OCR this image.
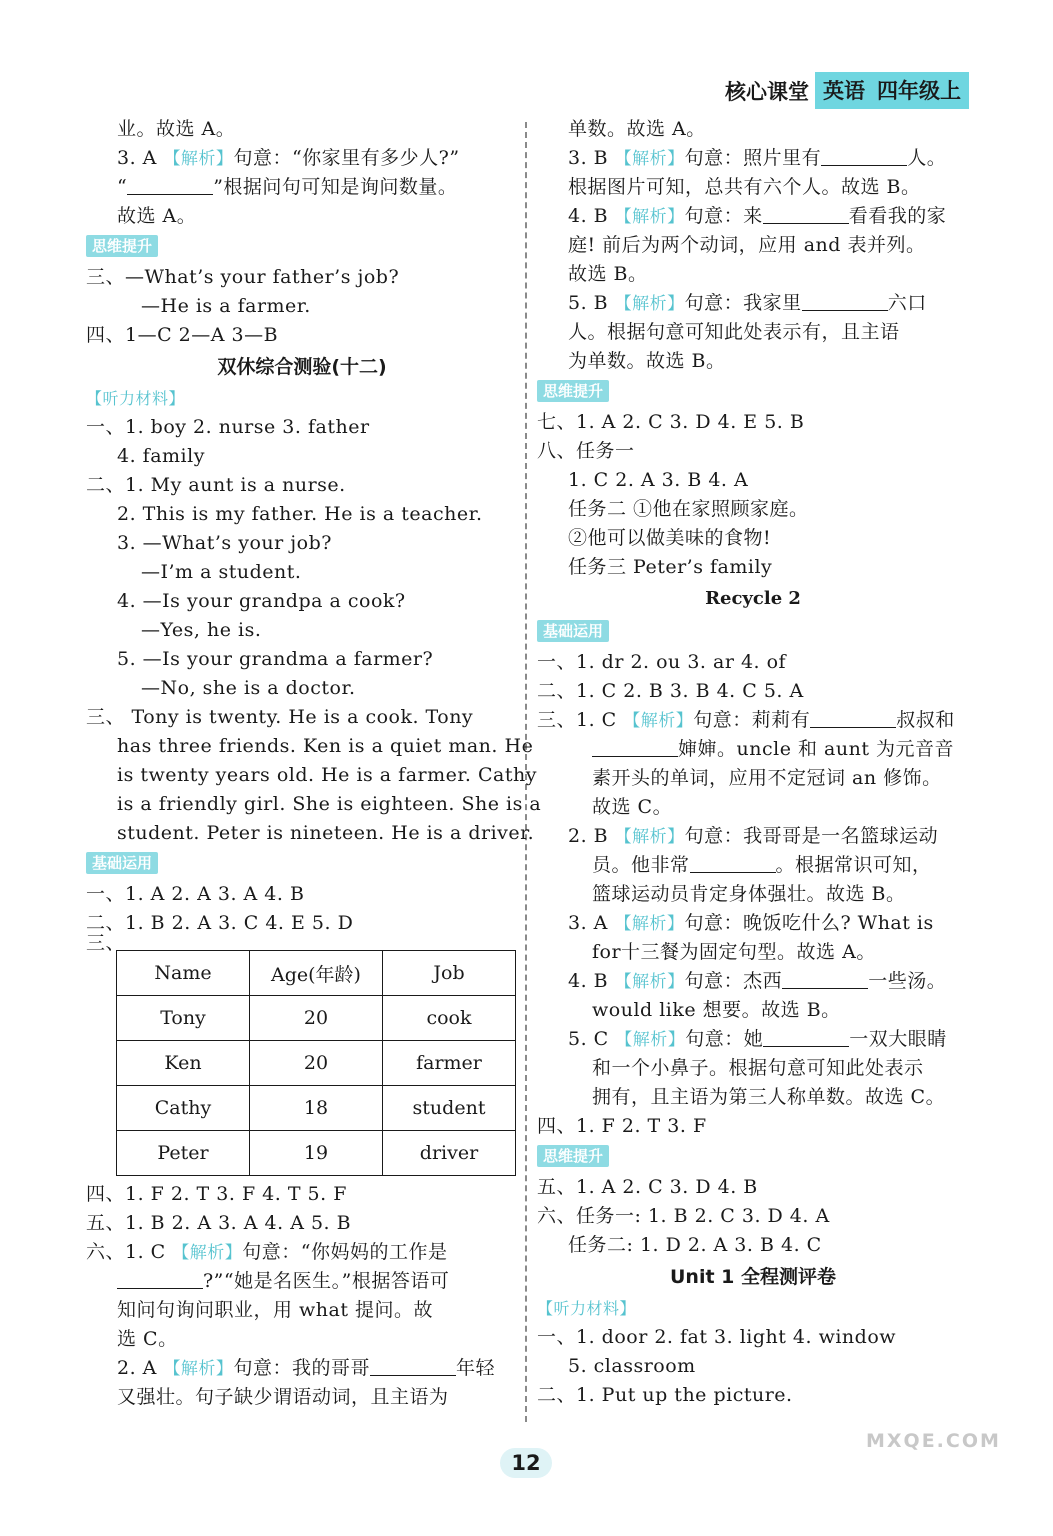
核心课堂 英语 四年级上
业。故选 A。
3. A 【解析】句意：“你家里有多少人?”
“	”根据问句可知是询问数量。
故选 A。
思维提升
三、—What’s your father’s job?
—He is a farmer.
四、1—C 2—A 3—B
双休综合测验(十二)
【听力材料】
一、1. boy 2. nurse 3. father
4. family
二、1. My aunt is a nurse.
2. This is my father. He is a teacher.
3. —What’s your job?
—I’m a student.
4. —Is your grandpa a cook?
—Yes, he is.
5. —Is your grandma a farmer?
—No, she is a doctor.
三、 Tony is twenty. He is a cook. Tony
has three friends. Ken is a quiet man. He
is twenty years old. He is a farmer. Cathy
is a friendly girl. She is eighteen. She is a
student. Peter is nineteen. He is a driver.
基础运用
一、1. A 2. A 3. A 4. B
二、1. B 2. A 3. C 4. E 5. D
三、
Name	Age(年龄)	Job
Tony	20	cook
Ken	20	farmer
Cathy	18	student
Peter	19	driver
四、1. F 2. T 3. F 4. T 5. F
五、1. B 2. A 3. A 4. A 5. B
六、1. C 【解析】句意：“你妈妈的工作是
?”“她是名医生。”根据答语可
知问句询问职业，用 what 提问。故
选 C。
2. A 【解析】句意：我的哥哥	年轻
又强壮。句子缺少谓语动词，且主语为
单数。故选 A。
3. B 【解析】句意：照片里有	人。
根据图片可知，总共有六个人。故选 B。
4. B 【解析】句意：来	看看我的家
庭! 前后为两个动词，应用 and 表并列。
故选 B。
5. B 【解析】句意：我家里	六口
人。根据句意可知此处表示有，且主语
为单数。故选 B。
思维提升
七、1. A 2. C 3. D 4. E 5. B
八、任务一
1. C 2. A 3. B 4. A
任务二 ①他在家照顾家庭。
②他可以做美味的食物!
任务三 Peter’s family
Recycle 2
基础运用
一、1. dr 2. ou 3. ar 4. of
二、1. C 2. B 3. B 4. C 5. A
三、1. C 【解析】句意：莉莉有	叔叔和
婶婶。uncle 和 aunt 为元音音
素开头的单词，应用不定冠词 an 修饰。
故选 C。
2. B 【解析】句意：我哥哥是一名篮球运动
员。他非常	。根据常识可知，
篮球运动员肯定身体强壮。故选 B。
3. A 【解析】句意：晚饭吃什么? What is
for十三餐为固定句型。故选 A。
4. B 【解析】句意：杰西	一些汤。
would like 想要。故选 B。
5. C 【解析】句意：她	一双大眼睛
和一个小鼻子。根据句意可知此处表示
拥有，且主语为第三人称单数。故选 C。
四、1. F 2. T 3. F
思维提升
五、1. A 2. C 3. D 4. B
六、任务一: 1. B 2. C 3. D 4. A
任务二: 1. D 2. A 3. B 4. C
Unit 1 全程测评卷
【听力材料】
一、1. door 2. fat 3. light 4. window
5. classroom
二、1. Put up the picture.
12
MXQE.COM
